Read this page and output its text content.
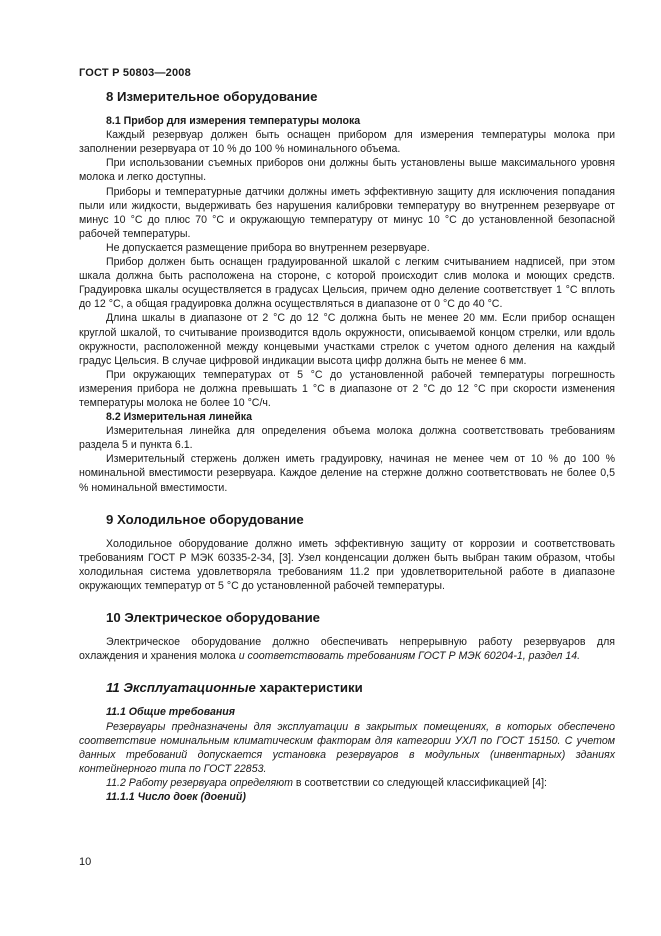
ГОСТ Р 50803—2008
8 Измерительное оборудование
8.1 Прибор для измерения температуры молока

Каждый резервуар должен быть оснащен прибором для измерения температуры молока при заполнении резервуара от 10 % до 100 % номинального объема.

При использовании съемных приборов они должны быть установлены выше максимального уровня молока и легко доступны.

Приборы и температурные датчики должны иметь эффективную защиту для исключения попадания пыли или жидкости, выдерживать без нарушения калибровки температуру во внутреннем резервуаре от минус 10 °С до плюс 70 °С и окружающую температуру от минус 10 °С до установленной безопасной рабочей температуры.

Не допускается размещение прибора во внутреннем резервуаре.

Прибор должен быть оснащен градуированной шкалой с легким считыванием надписей, при этом шкала должна быть расположена на стороне, с которой происходит слив молока и моющих средств. Градуировка шкалы осуществляется в градусах Цельсия, причем одно деление соответствует 1 °С вплоть до 12 °С, а общая градуировка должна осуществляться в диапазоне от 0 °С до 40 °С.

Длина шкалы в диапазоне от 2 °С до 12 °С должна быть не менее 20 мм. Если прибор оснащен круглой шкалой, то считывание производится вдоль окружности, описываемой концом стрелки, или вдоль окружности, расположенной между концевыми участками стрелок с учетом одного деления на каждый градус Цельсия. В случае цифровой индикации высота цифр должна быть не менее 6 мм.

При окружающих температурах от 5 °С до установленной рабочей температуры погрешность измерения прибора не должна превышать 1 °С в диапазоне от 2 °С до 12 °С при скорости изменения температуры молока не более 10 °С/ч.

8.2 Измерительная линейка

Измерительная линейка для определения объема молока должна соответствовать требованиям раздела 5 и пункта 6.1.

Измерительный стержень должен иметь градуировку, начиная не менее чем от 10 % до 100 % номинальной вместимости резервуара. Каждое деление на стержне должно соответствовать не более 0,5 % номинальной вместимости.

9 Холодильное оборудование

Холодильное оборудование должно иметь эффективную защиту от коррозии и соответствовать требованиям ГОСТ Р МЭК 60335-2-34, [3]. Узел конденсации должен быть выбран таким образом, чтобы холодильная система удовлетворяла требованиям 11.2 при удовлетворительной работе в диапазоне окружающих температур от 5 °С до установленной рабочей температуры.

10 Электрическое оборудование

Электрическое оборудование должно обеспечивать непрерывную работу резервуаров для охлаждения и хранения молока и соответствовать требованиям ГОСТ Р МЭК 60204-1, раздел 14.

11 Эксплуатационные характеристики
11.1 Общие требования

Резервуары предназначены для эксплуатации в закрытых помещениях, в которых обеспечено соответствие номинальным климатическим факторам для категории УХЛ по ГОСТ 15150. С учетом данных требований допускается установка резервуаров в модульных (инвентарных) зданиях контейнерного типа по ГОСТ 22853.

11.2 Работу резервуара определяют в соответствии со следующей классификацией [4]:

11.1.1 Число доек (доений)
10
